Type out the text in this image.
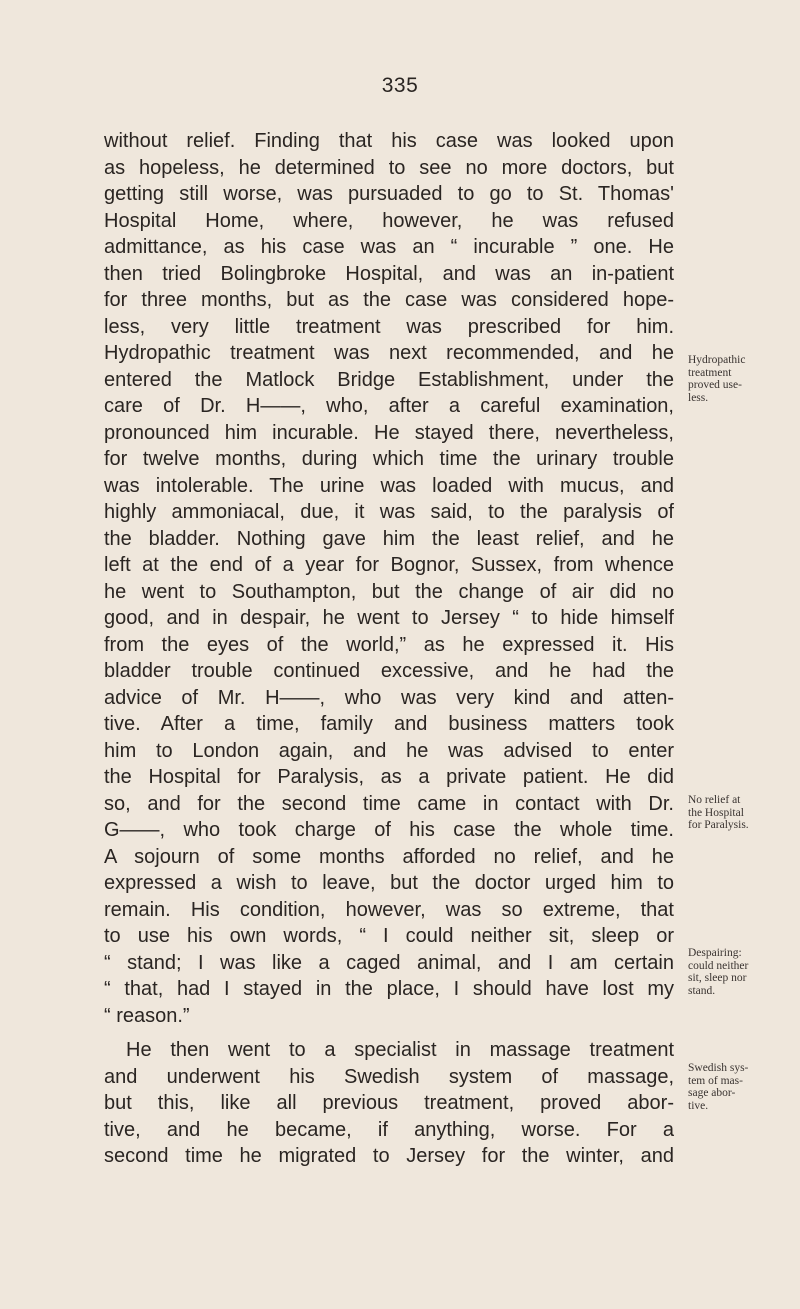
335
without relief. Finding that his case was looked upon
as hopeless, he determined to see no more doctors, but
getting still worse, was pursuaded to go to St. Thomas'
Hospital Home, where, however, he was refused
admittance, as his case was an “ incurable ” one. He
then tried Bolingbroke Hospital, and was an in-patient
for three months, but as the case was considered hope-
less, very little treatment was prescribed for him.
Hydropathic treatment was next recommended, and he
entered the Matlock Bridge Establishment, under the
care of Dr. H——, who, after a careful examination,
pronounced him incurable. He stayed there, nevertheless,
for twelve months, during which time the urinary trouble
was intolerable. The urine was loaded with mucus, and
highly ammoniacal, due, it was said, to the paralysis of
the bladder. Nothing gave him the least relief, and he
left at the end of a year for Bognor, Sussex, from whence
he went to Southampton, but the change of air did no
good, and in despair, he went to Jersey “ to hide himself
from the eyes of the world,” as he expressed it. His
bladder trouble continued excessive, and he had the
advice of Mr. H——, who was very kind and atten-
tive. After a time, family and business matters took
him to London again, and he was advised to enter
the Hospital for Paralysis, as a private patient. He did
so, and for the second time came in contact with Dr.
G——, who took charge of his case the whole time.
A sojourn of some months afforded no relief, and he
expressed a wish to leave, but the doctor urged him to
remain. His condition, however, was so extreme, that
to use his own words, “ I could neither sit, sleep or
“ stand; I was like a caged animal, and I am certain
“ that, had I stayed in the place, I should have lost my
“ reason.”
He then went to a specialist in massage treatment
and underwent his Swedish system of massage,
but this, like all previous treatment, proved abor-
tive, and he became, if anything, worse. For a
second time he migrated to Jersey for the winter, and
Hydropathic
treatment
proved use-
less.
No relief at
the Hospital
for Paralysis.
Despairing:
could neither
sit, sleep nor
stand.
Swedish sys-
tem of mas-
sage abor-
tive.
